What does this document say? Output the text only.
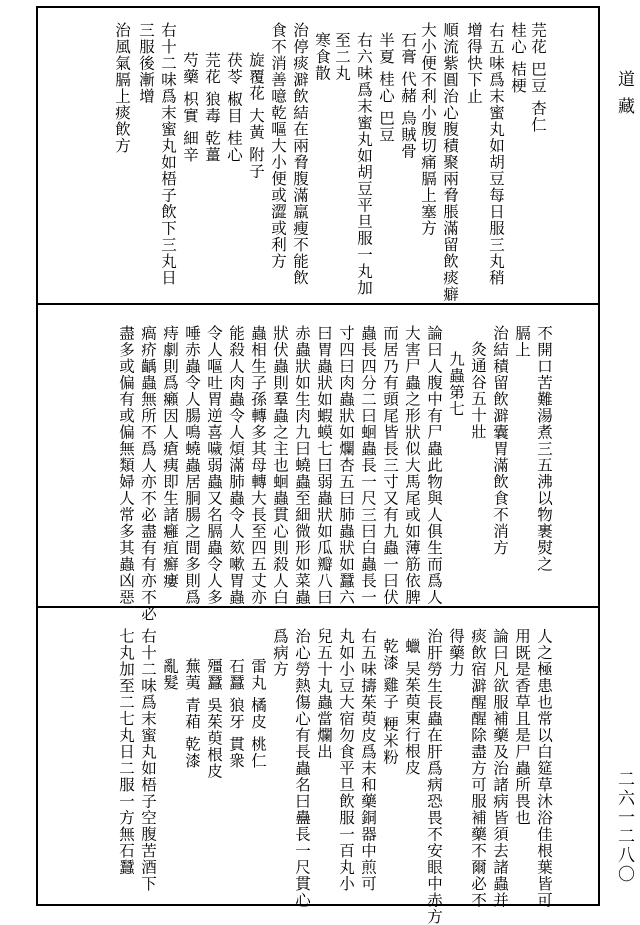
道藏
二六一二八〇
芫花 巴豆 杏仁
桂心 桔梗
右五味爲末蜜丸如胡豆每日服三丸稍
增得快下止
順流紫圓治心腹積聚兩脅脹滿留飲痰癖
大小便不利小腹切痛膈上塞方
石膏 代赭 烏賊骨
半夏 桂心 巴豆
右六味爲末蜜丸如胡豆平旦服一丸加
至二丸
寒食散
治停痰澼飲結在兩脅腹滿羸瘦不能飲
食不消善噫乾嘔大小便或澀或利方
旋覆花 大黃 附子
茯苓 椒目 桂心
芫花 狼毒 乾薑
芍藥 枳實 細辛
右十二味爲末蜜丸如梧子飲下三丸日
三服後漸增
治風氣膈上痰飲方
不開口苦難湯煮三五沸以物裹熨之
膈上
治結積留飲澼囊胃滿飲食不消方
灸通谷五十壯
九蟲第七
論曰人腹中有尸蟲此物與人俱生而爲人
大害尸蟲之形狀似大馬尾或如薄筋依脾
而居乃有頭尾皆長三寸又有九蟲一曰伏
蟲長四分二曰蛔蟲長一尺三曰白蟲長一
寸四曰肉蟲狀如爛杏五曰肺蟲狀如蠶六
曰胃蟲狀如蝦蟆七曰弱蟲狀如瓜瓣八曰
赤蟲狀如生肉九曰蟯蟲至細微形如菜蟲
狀伏蟲則羣蟲之主也蛔蟲貫心則殺人白
蟲相生子孫轉多其母轉大長至四五丈亦
能殺人肉蟲令人煩滿肺蟲令人欬嗽胃蟲
令人嘔吐胃逆喜噦弱蟲又名膈蟲令人多
唾赤蟲令人腸鳴蟯蟲居胴腸之間多則爲
痔劇則爲癩因人瘡痍即生諸癰疽癬瘻
瘑疥齲蟲無所不爲人亦不必盡有有亦不必
盡多或偏有或偏無類婦人常多其蟲凶惡
人之極患也常以白筵草沐浴佳根葉皆可
用既是香草且是尸蟲所畏也
論曰凡欲服補藥及治諸病皆須去諸蟲并
痰飲宿澼醒醒除盡方可服補藥不爾必不
得藥力
治肝勞生長蟲在肝爲病恐畏不安眼中赤方
蠟 吴茱萸東行根皮
乾漆 雞子 粳米粉
右五味擣茱萸皮爲末和藥銅器中煎可
丸如小豆大宿勿食平旦飲服一百丸小
兒五十丸蟲當爛出
治心勞熱傷心有長蟲名曰蠱長一尺貫心
爲病方
雷丸 橘皮 桃仁
石蠶 狼牙 貫衆
殭蠶 吳茱萸根皮
蕪荑 青葙 乾漆
亂髮
右十二味爲末蜜丸如梧子空腹苦酒下
七丸加至二七丸日二服一方無石蠶
